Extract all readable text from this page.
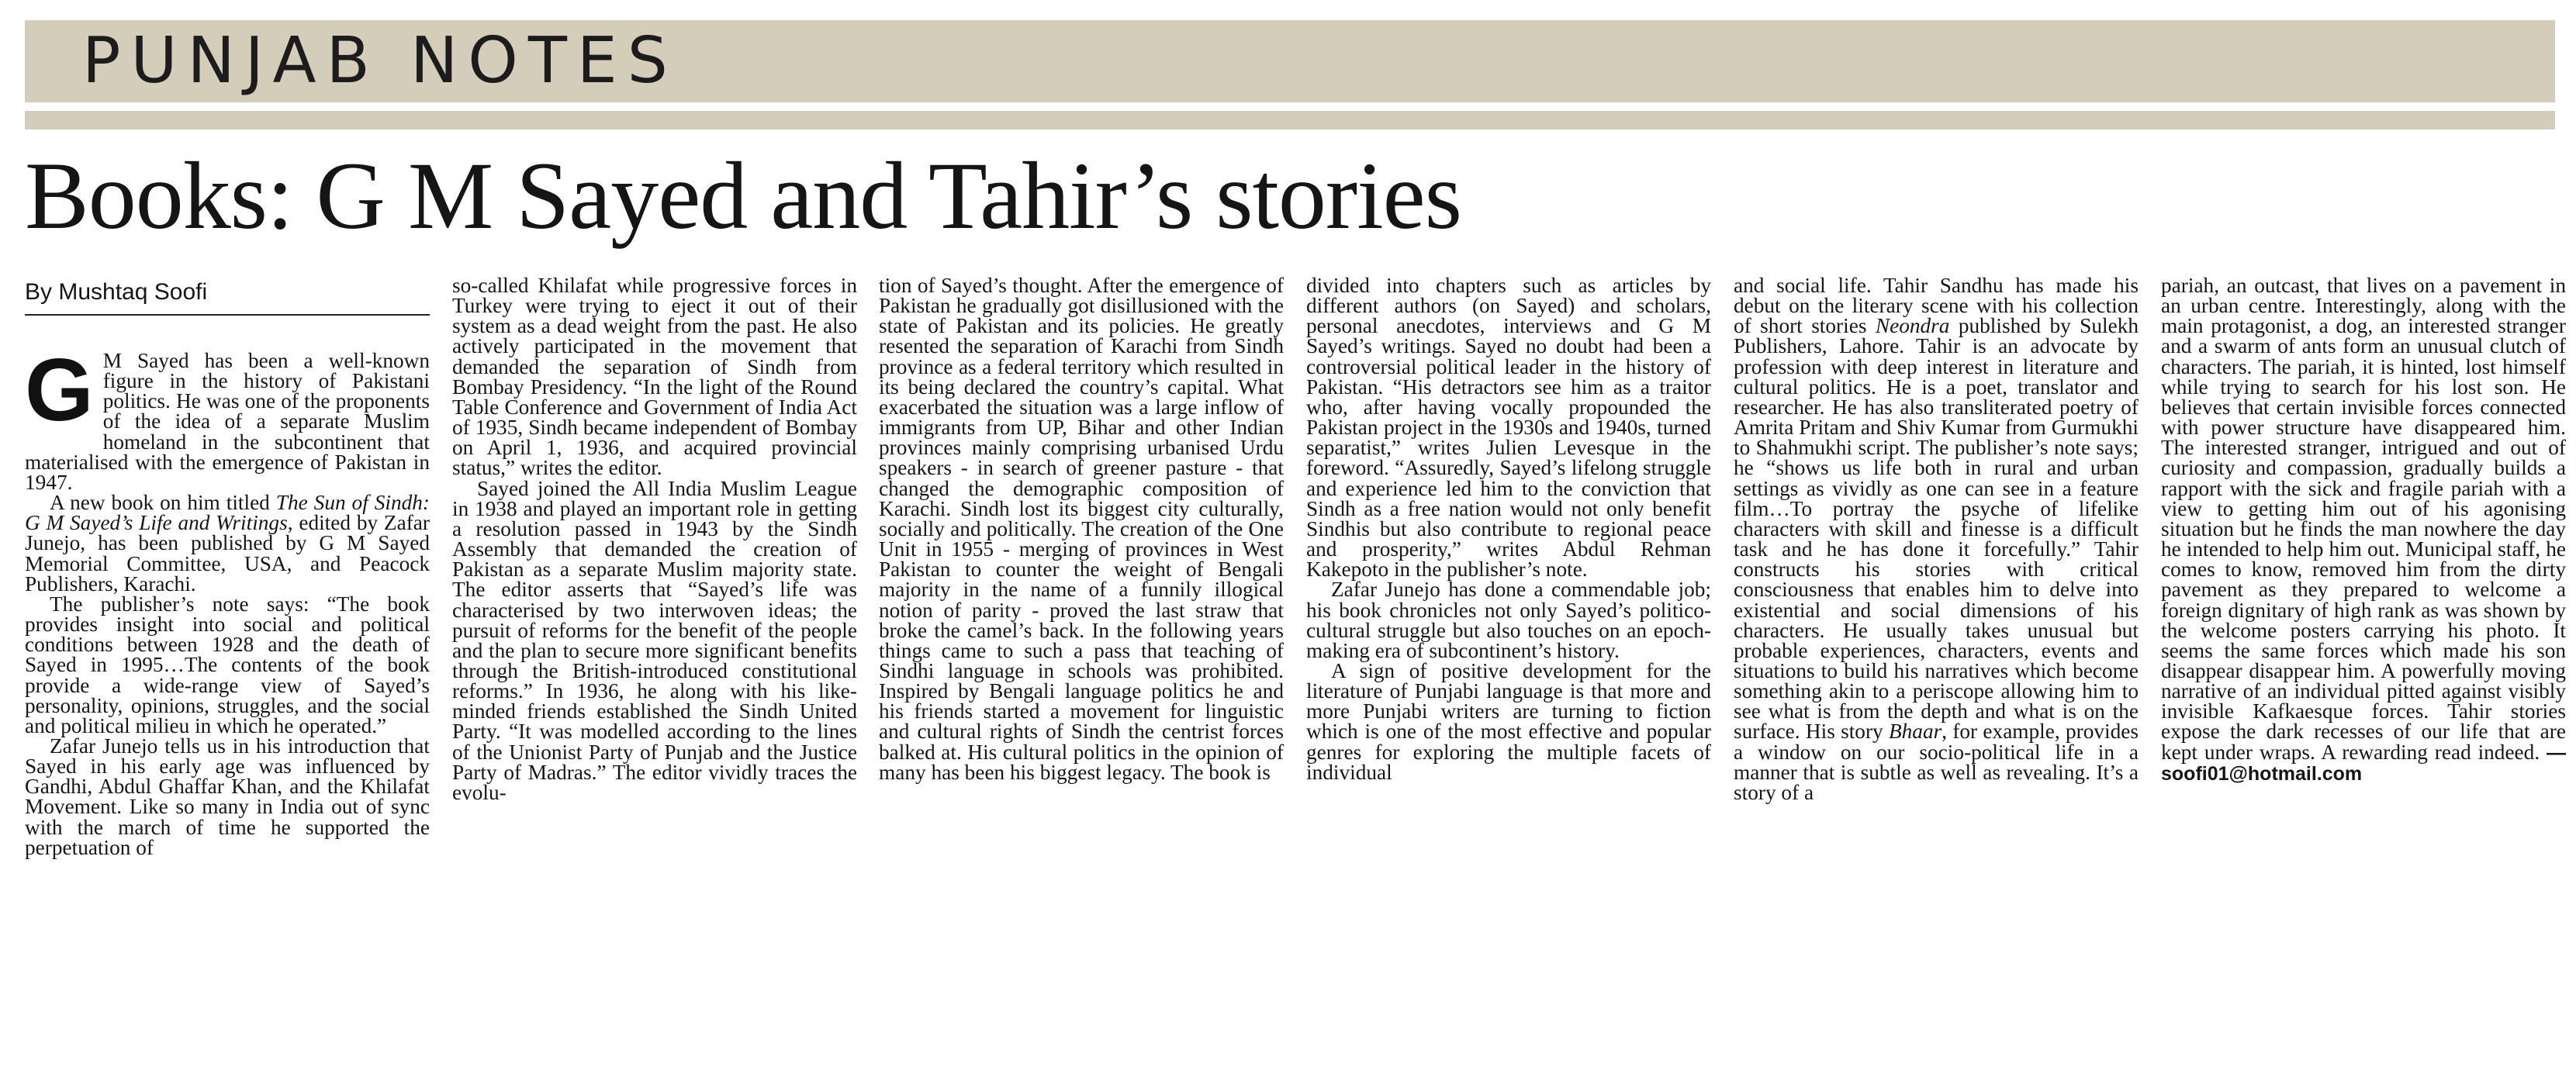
PUNJAB NOTES
Books: G M Sayed and Tahir’s stories
By Mushtaq Soofi

G M Sayed has been a well-known figure in the history of Pakistani politics. He was one of the proponents of the idea of a separate Muslim homeland in the subcontinent that materialised with the emergence of Pakistan in 1947.

A new book on him titled The Sun of Sindh: G M Sayed’s Life and Writings, edited by Zafar Junejo, has been published by G M Sayed Memorial Committee, USA, and Peacock Publishers, Karachi.

The publisher’s note says: “The book provides insight into social and political conditions between 1928 and the death of Sayed in 1995…The contents of the book provide a wide-range view of Sayed’s personality, opinions, struggles, and the social and political milieu in which he operated.”

Zafar Junejo tells us in his introduction that Sayed in his early age was influenced by Gandhi, Abdul Ghaffar Khan, and the Khilafat Movement. Like so many in India out of sync with the march of time he supported the perpetuation of

so-called Khilafat while progressive forces in Turkey were trying to eject it out of their system as a dead weight from the past. He also actively participated in the movement that demanded the separation of Sindh from Bombay Presidency. “In the light of the Round Table Conference and Government of India Act of 1935, Sindh became independent of Bombay on April 1, 1936, and acquired provincial status,” writes the editor.

Sayed joined the All India Muslim League in 1938 and played an important role in getting a resolution passed in 1943 by the Sindh Assembly that demanded the creation of Pakistan as a separate Muslim majority state. The editor asserts that “Sayed’s life was characterised by two interwoven ideas; the pursuit of reforms for the benefit of the people and the plan to secure more significant benefits through the British-introduced constitutional reforms.” In 1936, he along with his like-minded friends established the Sindh United Party. “It was modelled according to the lines of the Unionist Party of Punjab and the Justice Party of Madras.” The editor vividly traces the evolu-

tion of Sayed’s thought. After the emergence of Pakistan he gradually got disillusioned with the state of Pakistan and its policies. He greatly resented the separation of Karachi from Sindh province as a federal territory which resulted in its being declared the country’s capital. What exacerbated the situation was a large inflow of immigrants from UP, Bihar and other Indian provinces mainly comprising urbanised Urdu speakers - in search of greener pasture - that changed the demographic composition of Karachi. Sindh lost its biggest city culturally, socially and politically. The creation of the One Unit in 1955 - merging of provinces in West Pakistan to counter the weight of Bengali majority in the name of a funnily illogical notion of parity - proved the last straw that broke the camel’s back. In the following years things came to such a pass that teaching of Sindhi language in schools was prohibited. Inspired by Bengali language politics he and his friends started a movement for linguistic and cultural rights of Sindh the centrist forces balked at. His cultural politics in the opinion of many has been his biggest legacy. The book is

divided into chapters such as articles by different authors (on Sayed) and scholars, personal anecdotes, interviews and G M Sayed’s writings. Sayed no doubt had been a controversial political leader in the history of Pakistan. “His detractors see him as a traitor who, after having vocally propounded the Pakistan project in the 1930s and 1940s, turned separatist,” writes Julien Levesque in the foreword. “Assuredly, Sayed’s lifelong struggle and experience led him to the conviction that Sindh as a free nation would not only benefit Sindhis but also contribute to regional peace and prosperity,” writes Abdul Rehman Kakepoto in the publisher’s note.

Zafar Junejo has done a commendable job; his book chronicles not only Sayed’s politico-cultural struggle but also touches on an epoch-making era of subcontinent’s history.

A sign of positive development for the literature of Punjabi language is that more and more Punjabi writers are turning to fiction which is one of the most effective and popular genres for exploring the multiple facets of individual

and social life. Tahir Sandhu has made his debut on the literary scene with his collection of short stories Neondra published by Sulekh Publishers, Lahore. Tahir is an advocate by profession with deep interest in literature and cultural politics. He is a poet, translator and researcher. He has also transliterated poetry of Amrita Pritam and Shiv Kumar from Gurmukhi to Shahmukhi script. The publisher’s note says; he “shows us life both in rural and urban settings as vividly as one can see in a feature film…To portray the psyche of lifelike characters with skill and finesse is a difficult task and he has done it forcefully.” Tahir constructs his stories with critical consciousness that enables him to delve into existential and social dimensions of his characters. He usually takes unusual but probable experiences, characters, events and situations to build his narratives which become something akin to a periscope allowing him to see what is from the depth and what is on the surface. His story Bhaar, for example, provides a window on our socio-political life in a manner that is subtle as well as revealing. It’s a story of a

pariah, an outcast, that lives on a pavement in an urban centre. Interestingly, along with the main protagonist, a dog, an interested stranger and a swarm of ants form an unusual clutch of characters. The pariah, it is hinted, lost himself while trying to search for his lost son. He believes that certain invisible forces connected with power structure have disappeared him. The interested stranger, intrigued and out of curiosity and compassion, gradually builds a rapport with the sick and fragile pariah with a view to getting him out of his agonising situation but he finds the man nowhere the day he intended to help him out. Municipal staff, he comes to know, removed him from the dirty pavement as they prepared to welcome a foreign dignitary of high rank as was shown by the welcome posters carrying his photo. It seems the same forces which made his son disappear disappear him. A powerfully moving narrative of an individual pitted against visibly invisible Kafkaesque forces. Tahir stories expose the dark recesses of our life that are kept under wraps. A rewarding read indeed. — soofi01@hotmail.com
